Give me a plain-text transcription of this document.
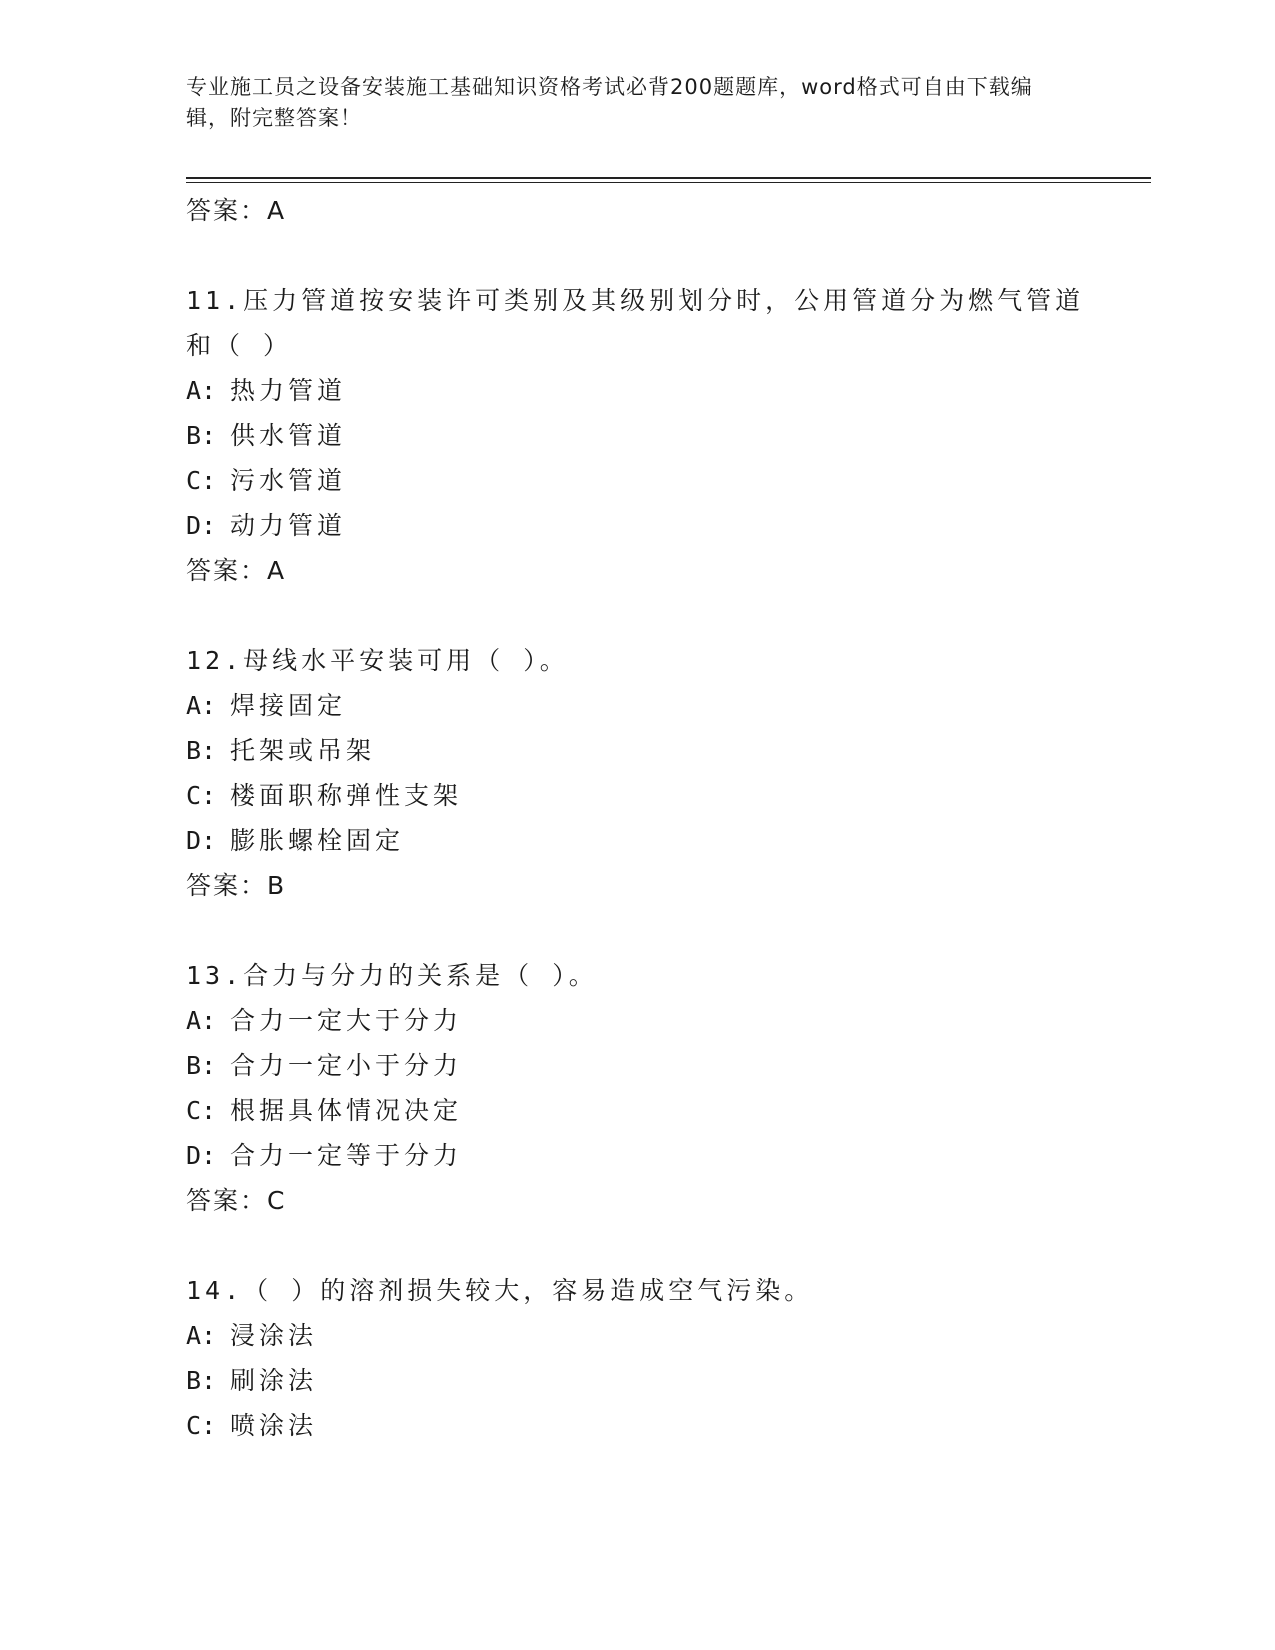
专业施工员之设备安装施工基础知识资格考试必背200题题库，word格式可自由下载编辑，附完整答案！
答案：A
11.压力管道按安装许可类别及其级别划分时，公用管道分为燃气管道和（ ）
A: 热力管道
B: 供水管道
C: 污水管道
D: 动力管道
答案：A
12.母线水平安装可用（ ）。
A: 焊接固定
B: 托架或吊架
C: 楼面职称弹性支架
D: 膨胀螺栓固定
答案：B
13.合力与分力的关系是（ ）。
A: 合力一定大于分力
B: 合力一定小于分力
C: 根据具体情况决定
D: 合力一定等于分力
答案：C
14.（ ）的溶剂损失较大，容易造成空气污染。
A: 浸涂法
B: 刷涂法
C: 喷涂法
